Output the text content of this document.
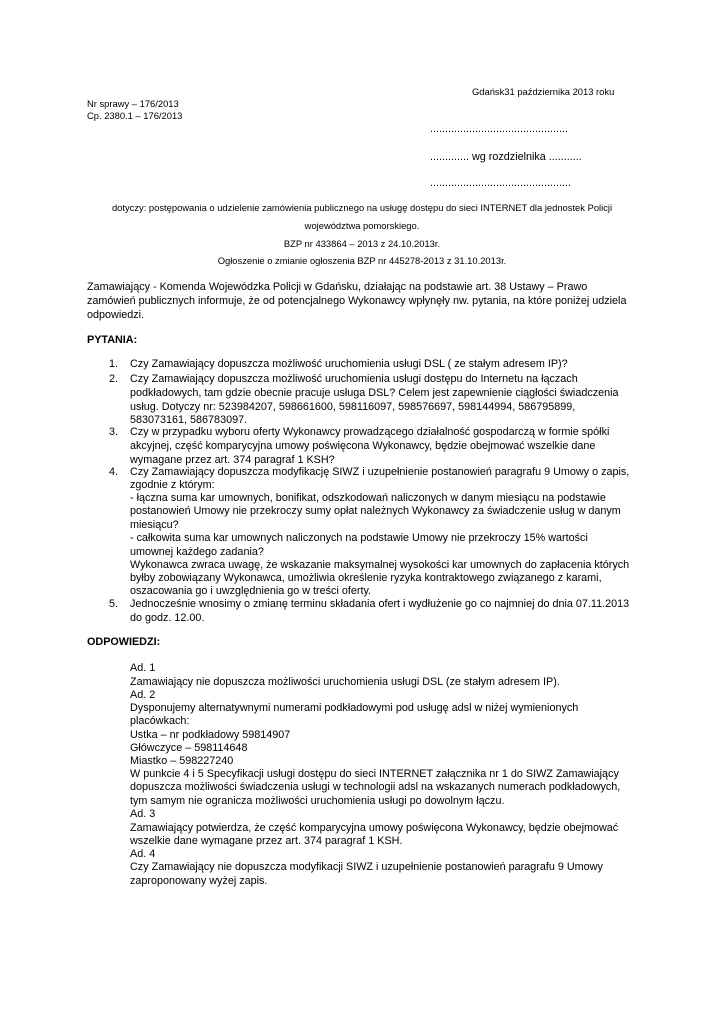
Gdańsk31 października 2013 roku
Nr sprawy – 176/2013
Cp. 2380.1 – 176/2013
..............................................
............. wg rozdzielnika ...........
...............................................
dotyczy: postępowania o udzielenie zamówienia publicznego na usługę dostępu do sieci INTERNET dla jednostek Policji
województwa pomorskiego.
BZP nr 433864 – 2013 z 24.10.2013r.
Ogłoszenie o zmianie ogłoszenia BZP nr 445278-2013 z 31.10.2013r.
Zamawiający - Komenda Wojewódzka Policji w Gdańsku, działając na podstawie art. 38 Ustawy – Prawo
zamówień publicznych informuje, że od potencjalnego Wykonawcy wpłynęły nw. pytania, na które poniżej udziela
odpowiedzi.
PYTANIA:
1. Czy Zamawiający dopuszcza możliwość uruchomienia usługi DSL ( ze stałym adresem IP)?
2. Czy Zamawiający dopuszcza możliwość uruchomienia usługi dostępu do Internetu na łączach
podkładowych, tam gdzie obecnie pracuje usługa DSL? Celem jest zapewnienie ciągłości świadczenia
usług. Dotyczy nr: 523984207, 598661600, 598116097, 598576697, 598144994, 586795899,
583073161, 586783097.
3. Czy w przypadku wyboru oferty Wykonawcy prowadzącego działalność gospodarczą w formie spółki
akcyjnej, część komparycyjna umowy poświęcona Wykonawcy, będzie obejmować wszelkie dane
wymagane przez art. 374 paragraf 1 KSH?
4. Czy Zamawiający dopuszcza modyfikację SIWZ i uzupełnienie postanowień paragrafu 9 Umowy o zapis,
zgodnie z którym:
- łączna suma kar umownych, bonifikat, odszkodowań naliczonych w danym miesiącu na podstawie
postanowień Umowy nie przekroczy sumy opłat należnych Wykonawcy za świadczenie usług w danym
miesiącu?
- całkowita suma kar umownych naliczonych na podstawie Umowy nie przekroczy 15% wartości
umownej każdego zadania?
Wykonawca zwraca uwagę, że wskazanie maksymalnej wysokości kar umownych do zapłacenia których
byłby zobowiązany Wykonawca, umożliwia określenie ryzyka kontraktowego związanego z karami,
oszacowania go i uwzględnienia go w treści oferty.
5. Jednocześnie wnosimy o zmianę terminu składania ofert i wydłużenie go co najmniej do dnia 07.11.2013
do godz. 12.00.
ODPOWIEDZI:
Ad. 1
Zamawiający nie dopuszcza możliwości uruchomienia usługi DSL (ze stałym adresem IP).
Ad. 2
Dysponujemy alternatywnymi numerami podkładowymi pod usługę adsl w niżej wymienionych
placówkach:
Ustka – nr podkładowy 59814907
Główczyce – 598114648
Miastko – 598227240
W punkcie 4 i 5 Specyfikacji usługi dostępu do sieci INTERNET załącznika nr 1 do SIWZ Zamawiający
dopuszcza możliwości świadczenia usługi w technologii adsl na wskazanych numerach podkładowych,
tym samym nie ogranicza możliwości uruchomienia usługi po dowolnym łączu.
Ad. 3
Zamawiający potwierdza, że część komparycyjna umowy poświęcona Wykonawcy, będzie obejmować
wszelkie dane wymagane przez art. 374 paragraf 1 KSH.
Ad. 4
Czy Zamawiający nie dopuszcza modyfikacji SIWZ i uzupełnienie postanowień paragrafu 9 Umowy
zaproponowany wyżej zapis.
